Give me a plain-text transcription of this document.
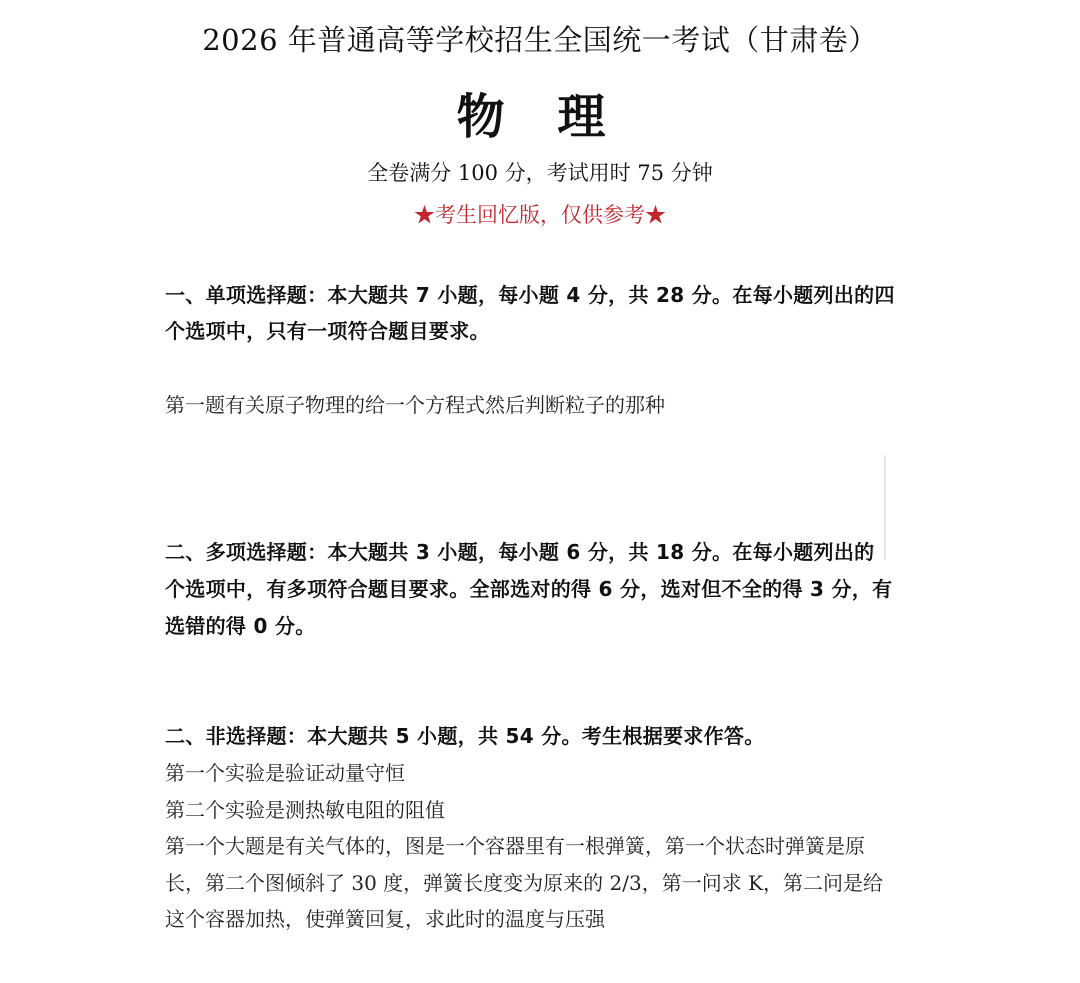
2026 年普通高等学校招生全国统一考试（甘肃卷）
物 理
全卷满分 100 分，考试用时 75 分钟
★考生回忆版，仅供参考★
一、单项选择题：本大题共 7 小题，每小题 4 分，共 28 分。在每小题列出的四
个选项中，只有一项符合题目要求。
第一题有关原子物理的给一个方程式然后判断粒子的那种
二、多项选择题：本大题共 3 小题，每小题 6 分，共 18 分。在每小题列出的
个选项中，有多项符合题目要求。全部选对的得 6 分，选对但不全的得 3 分，有
选错的得 0 分。
二、非选择题：本大题共 5 小题，共 54 分。考生根据要求作答。
第一个实验是验证动量守恒
第二个实验是测热敏电阻的阻值
第一个大题是有关气体的，图是一个容器里有一根弹簧，第一个状态时弹簧是原
长，第二个图倾斜了 30 度，弹簧长度变为原来的 2/3，第一问求 K，第二问是给
这个容器加热，使弹簧回复，求此时的温度与压强
